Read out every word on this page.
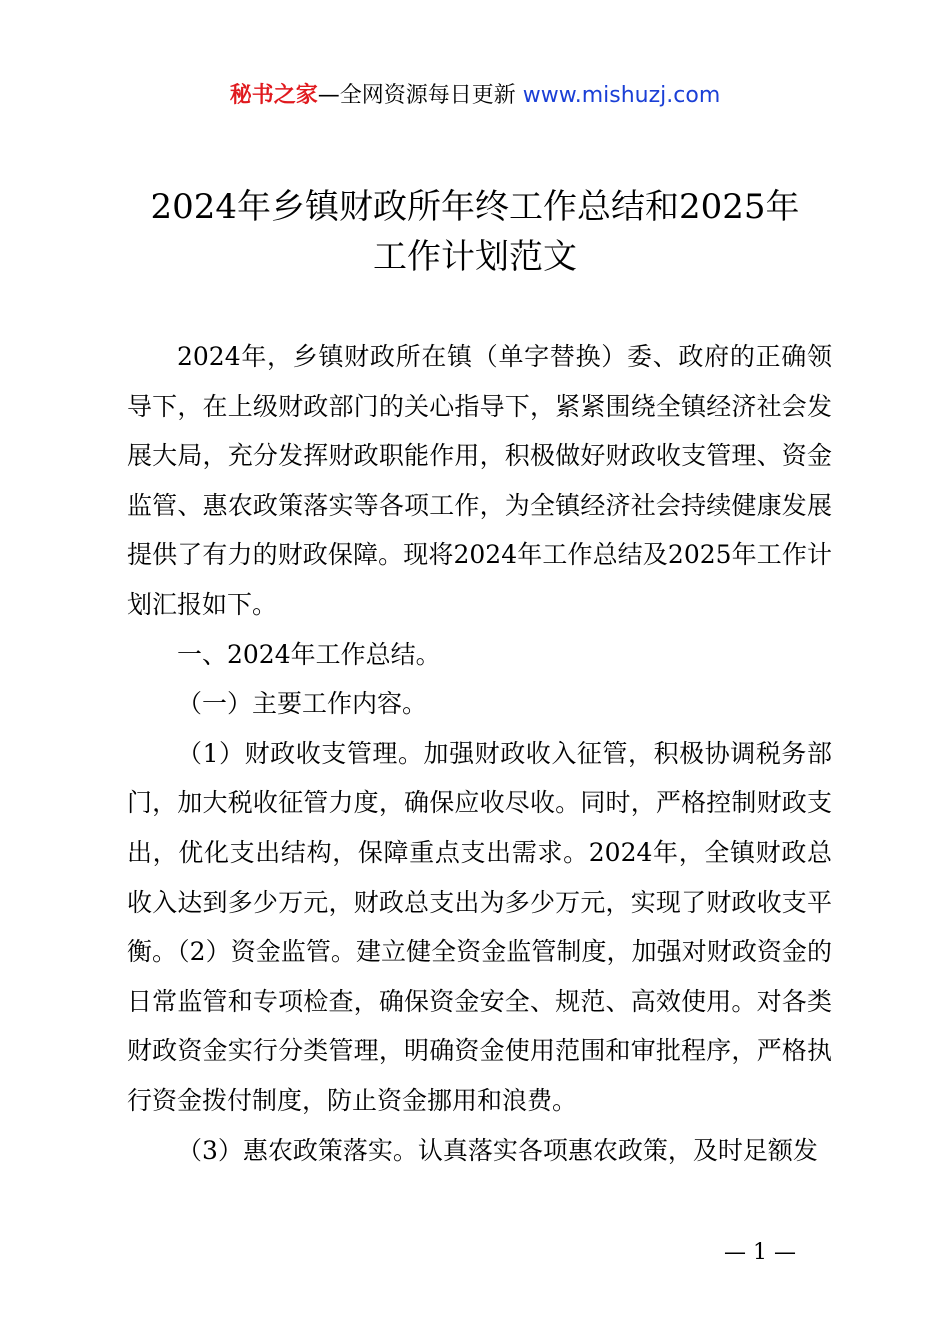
秘书之家—全网资源每日更新 www.mishuzj.com
2024年乡镇财政所年终工作总结和2025年
工作计划范文

2024年，乡镇财政所在镇（单字替换）委、政府的正确领导下，在上级财政部门的关心指导下，紧紧围绕全镇经济社会发展大局，充分发挥财政职能作用，积极做好财政收支管理、资金监管、惠农政策落实等各项工作，为全镇经济社会持续健康发展提供了有力的财政保障。现将2024年工作总结及2025年工作计划汇报如下。

一、2024年工作总结。

（一）主要工作内容。

（1）财政收支管理。加强财政收入征管，积极协调税务部门，加大税收征管力度，确保应收尽收。同时，严格控制财政支出，优化支出结构，保障重点支出需求。2024年，全镇财政总收入达到多少万元，财政总支出为多少万元，实现了财政收支平衡。（2）资金监管。建立健全资金监管制度，加强对财政资金的日常监管和专项检查，确保资金安全、规范、高效使用。对各类财政资金实行分类管理，明确资金使用范围和审批程序，严格执行资金拨付制度，防止资金挪用和浪费。

（3）惠农政策落实。认真落实各项惠农政策，及时足额发

— 1 —
